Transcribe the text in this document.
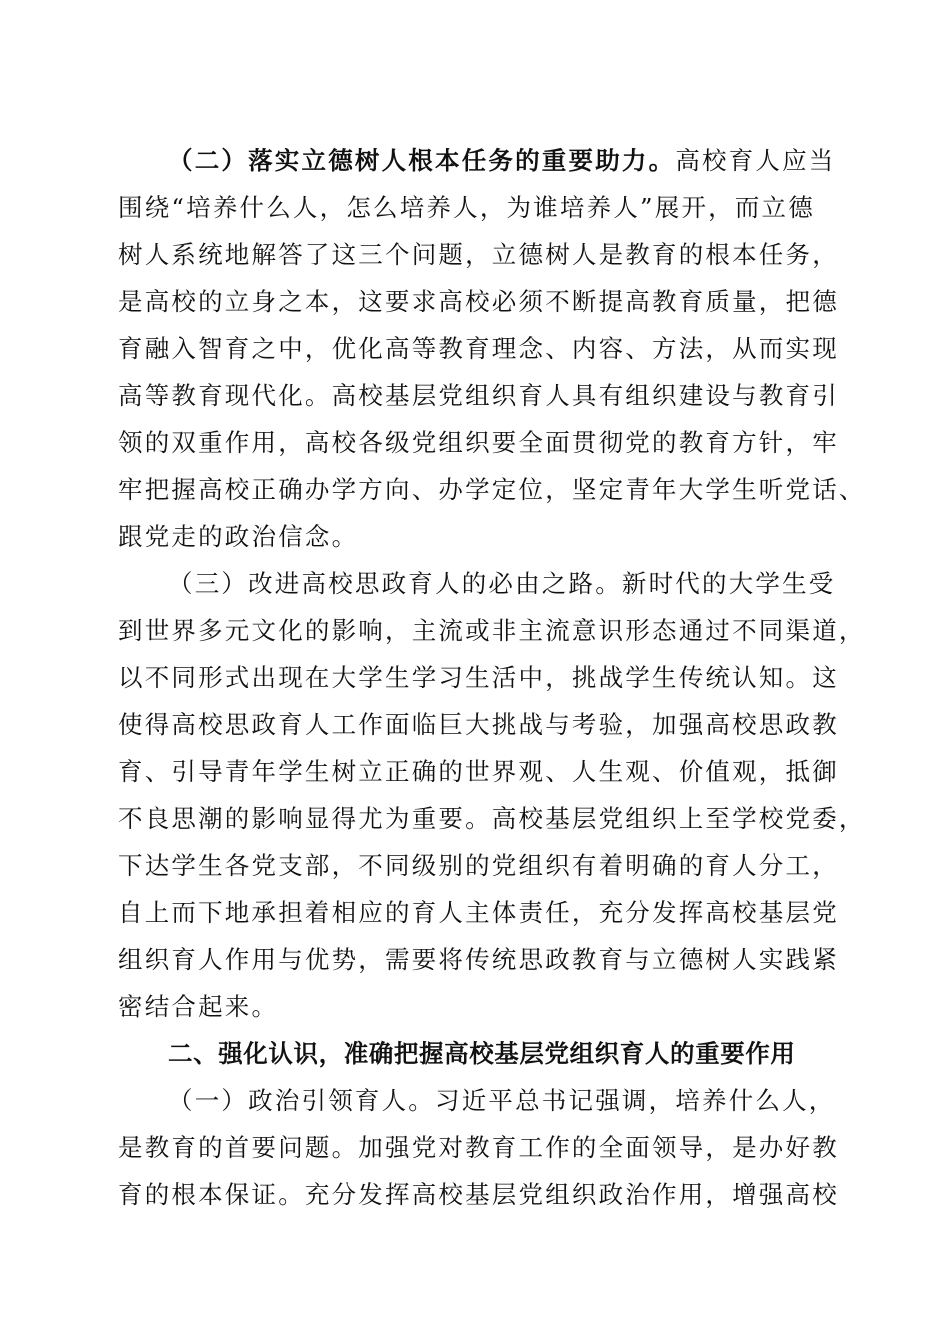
（二）落实立德树人根本任务的重要助力。高校育人应当
围绕“培养什么人，怎么培养人，为谁培养人”展开，而立德
树人系统地解答了这三个问题，立德树人是教育的根本任务，
是高校的立身之本，这要求高校必须不断提高教育质量，把德
育融入智育之中，优化高等教育理念、内容、方法，从而实现
高等教育现代化。高校基层党组织育人具有组织建设与教育引
领的双重作用，高校各级党组织要全面贯彻党的教育方针，牢
牢把握高校正确办学方向、办学定位，坚定青年大学生听党话、
跟党走的政治信念。
（三）改进高校思政育人的必由之路。新时代的大学生受
到世界多元文化的影响，主流或非主流意识形态通过不同渠道，
以不同形式出现在大学生学习生活中，挑战学生传统认知。这
使得高校思政育人工作面临巨大挑战与考验，加强高校思政教
育、引导青年学生树立正确的世界观、人生观、价值观，抵御
不良思潮的影响显得尤为重要。高校基层党组织上至学校党委，
下达学生各党支部，不同级别的党组织有着明确的育人分工，
自上而下地承担着相应的育人主体责任，充分发挥高校基层党
组织育人作用与优势，需要将传统思政教育与立德树人实践紧
密结合起来。
二、强化认识，准确把握高校基层党组织育人的重要作用
（一）政治引领育人。习近平总书记强调，培养什么人，
是教育的首要问题。加强党对教育工作的全面领导，是办好教
育的根本保证。充分发挥高校基层党组织政治作用，增强高校
